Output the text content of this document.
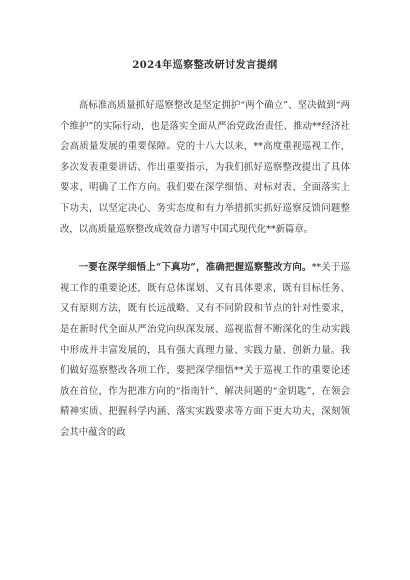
2024年巡察整改研讨发言提纲

高标准高质量抓好巡察整改是坚定拥护“两个确立”、坚决做到“两个维护”的实际行动，也是落实全面从严治党政治责任、推动**经济社会高质量发展的重要保障。党的十八大以来，**高度重视巡视工作，多次发表重要讲话、作出重要指示，为我们抓好巡察整改提出了具体要求、明确了工作方向。我们要在深学细悟、对标对表、全面落实上下功夫，以坚定决心、务实态度和有力举措抓实抓好巡察反馈问题整改，以高质量巡察整改成效奋力谱写中国式现代化**新篇章。

一要在深学细悟上“下真功”，准确把握巡察整改方向。**关于巡视工作的重要论述，既有总体谋划、又有具体要求，既有目标任务、又有原则方法，既有长远战略、又有不同阶段和节点的针对性要求，是在新时代全面从严治党向纵深发展、巡视监督不断深化的生动实践中形成并丰富发展的，具有强大真理力量、实践力量、创新力量。我们做好巡察整改各项工作，要把深学细悟**关于巡视工作的重要论述放在首位，作为把准方向的“指南针”、解决问题的“金钥匙”，在领会精神实质、把握科学内涵、落实实践要求等方面下更大功夫，深刻领会其中蕴含的政
